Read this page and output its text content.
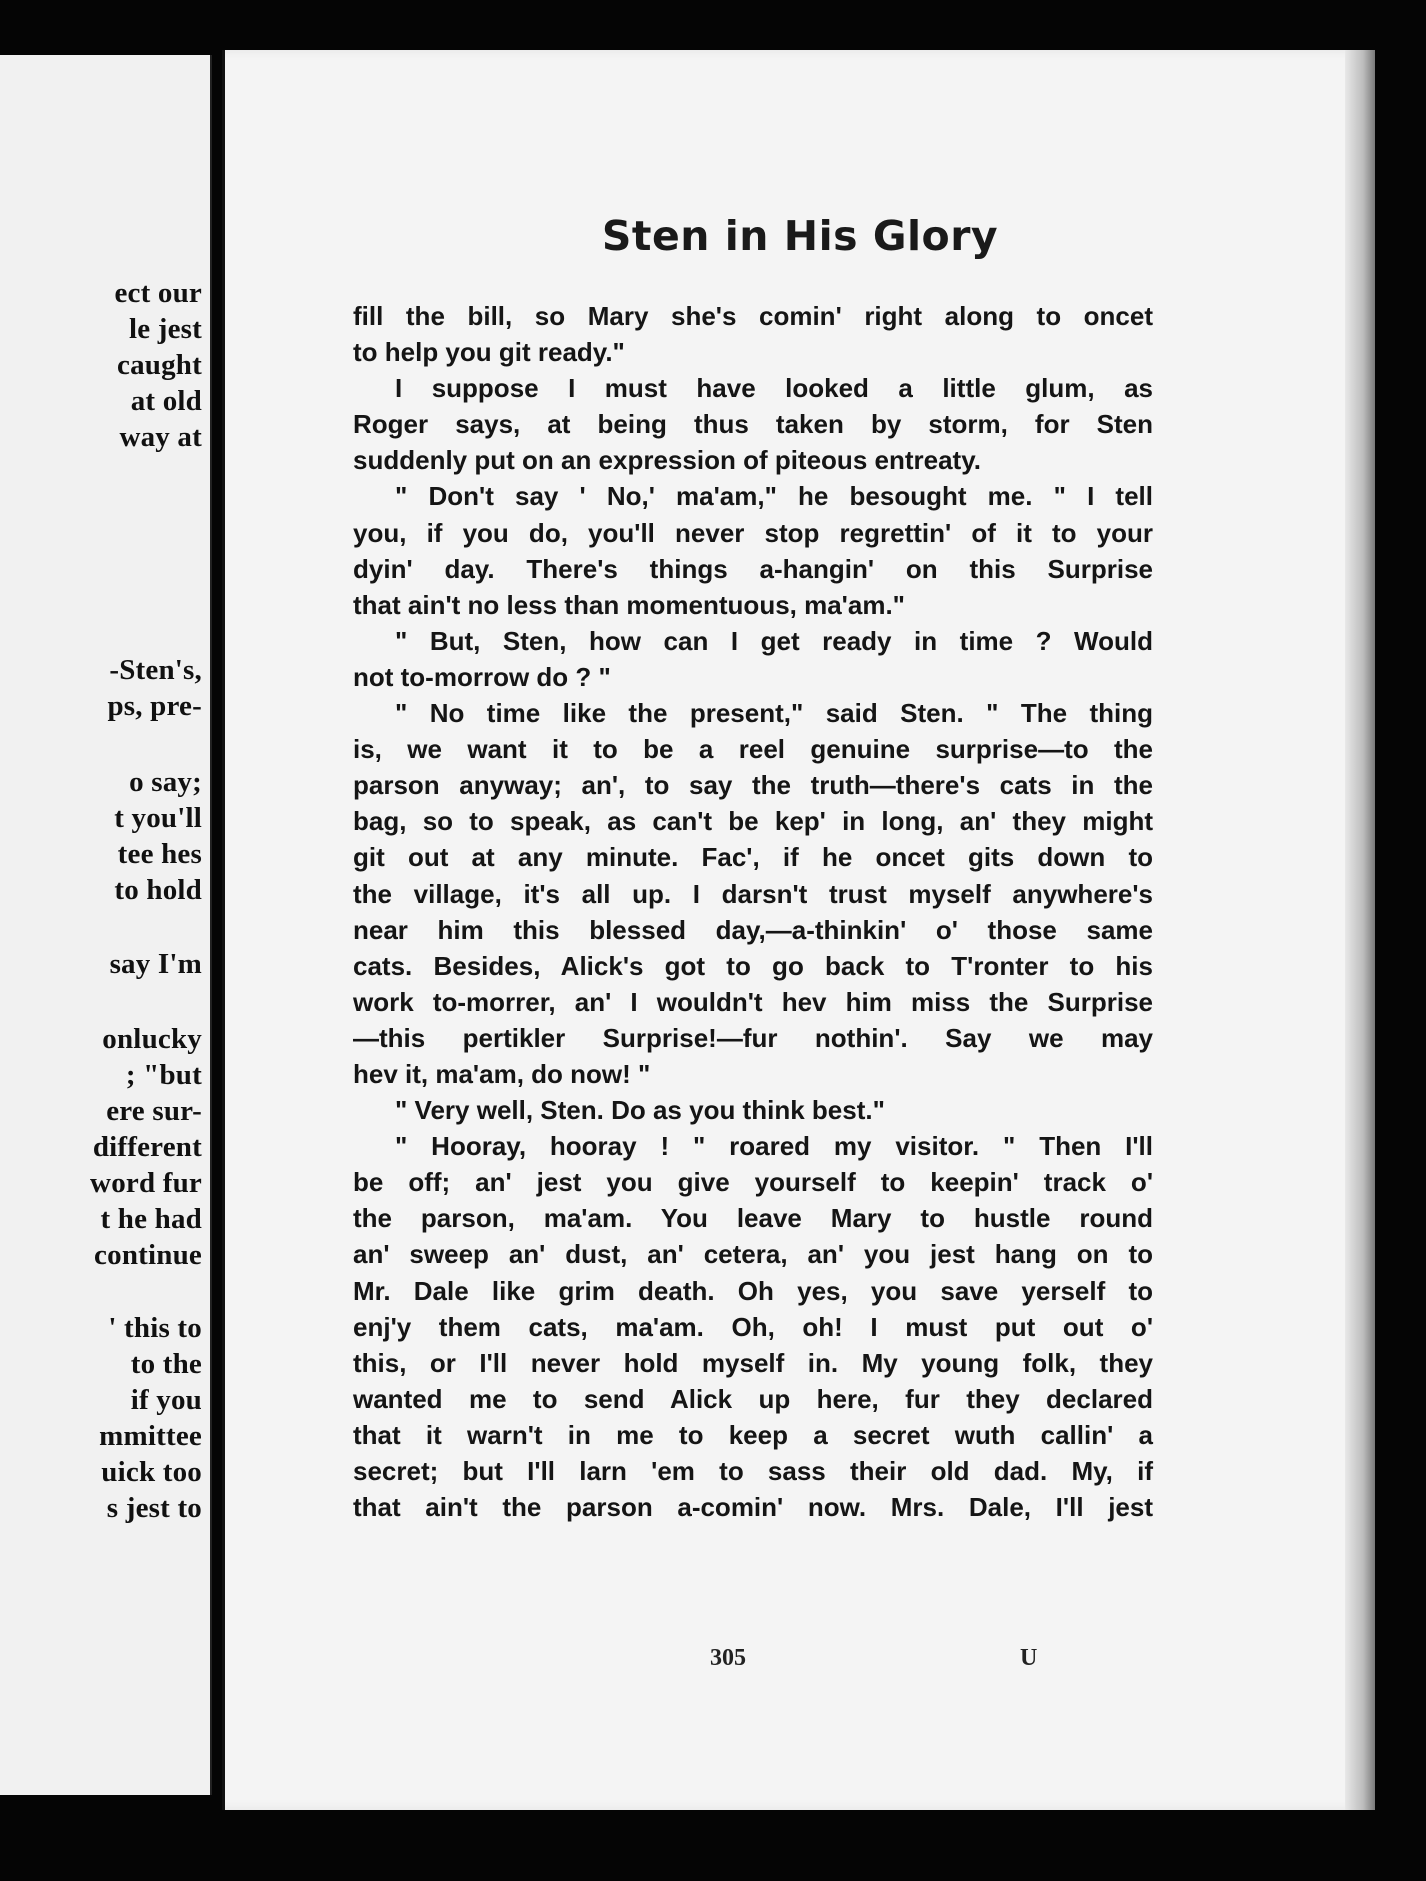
ect our
le jest
caught
at old
way at
-Sten's,
ps, pre-
o say;
t you'll
tee hes
to hold
say I'm
onlucky
; "but
ere sur-
different
word fur
t he had
continue
' this to
to the
if you
mmittee
uick too
s jest to
Sten in His Glory
fill the bill, so Mary she's comin' right along to oncet
to help you git ready."
I suppose I must have looked a little glum, as
Roger says, at being thus taken by storm, for Sten
suddenly put on an expression of piteous entreaty.
" Don't say ' No,' ma'am," he besought me. " I tell
you, if you do, you'll never stop regrettin' of it to your
dyin' day. There's things a-hangin' on this Surprise
that ain't no less than momentuous, ma'am."
" But, Sten, how can I get ready in time ? Would
not to-morrow do ? "
" No time like the present," said Sten. " The thing
is, we want it to be a reel genuine surprise—to the
parson anyway; an', to say the truth—there's cats in the
bag, so to speak, as can't be kep' in long, an' they might
git out at any minute. Fac', if he oncet gits down to
the village, it's all up. I darsn't trust myself anywhere's
near him this blessed day,—a-thinkin' o' those same
cats. Besides, Alick's got to go back to T'ronter to his
work to-morrer, an' I wouldn't hev him miss the Surprise
—this pertikler Surprise!—fur nothin'. Say we may
hev it, ma'am, do now! "
" Very well, Sten. Do as you think best."
" Hooray, hooray ! " roared my visitor. " Then I'll
be off; an' jest you give yourself to keepin' track o'
the parson, ma'am. You leave Mary to hustle round
an' sweep an' dust, an' cetera, an' you jest hang on to
Mr. Dale like grim death. Oh yes, you save yerself to
enj'y them cats, ma'am. Oh, oh! I must put out o'
this, or I'll never hold myself in. My young folk, they
wanted me to send Alick up here, fur they declared
that it warn't in me to keep a secret wuth callin' a
secret; but I'll larn 'em to sass their old dad. My, if
that ain't the parson a-comin' now. Mrs. Dale, I'll jest
305	U
